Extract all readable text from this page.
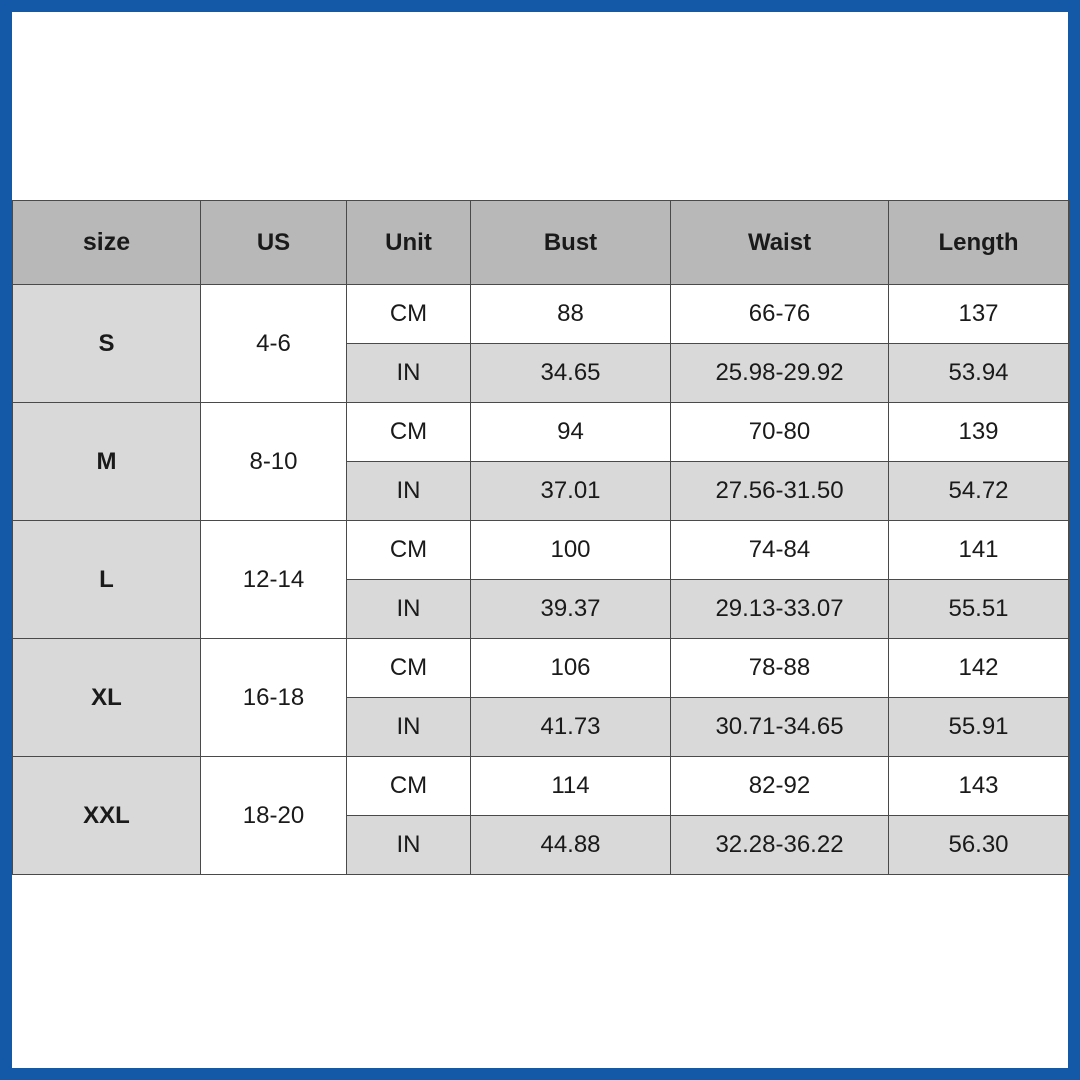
size	US	Unit	Bust	Waist	Length
S	4-6	CM	88	66-76	137
		IN	34.65	25.98-29.92	53.94
M	8-10	CM	94	70-80	139
		IN	37.01	27.56-31.50	54.72
L	12-14	CM	100	74-84	141
		IN	39.37	29.13-33.07	55.51
XL	16-18	CM	106	78-88	142
		IN	41.73	30.71-34.65	55.91
XXL	18-20	CM	114	82-92	143
		IN	44.88	32.28-36.22	56.30
